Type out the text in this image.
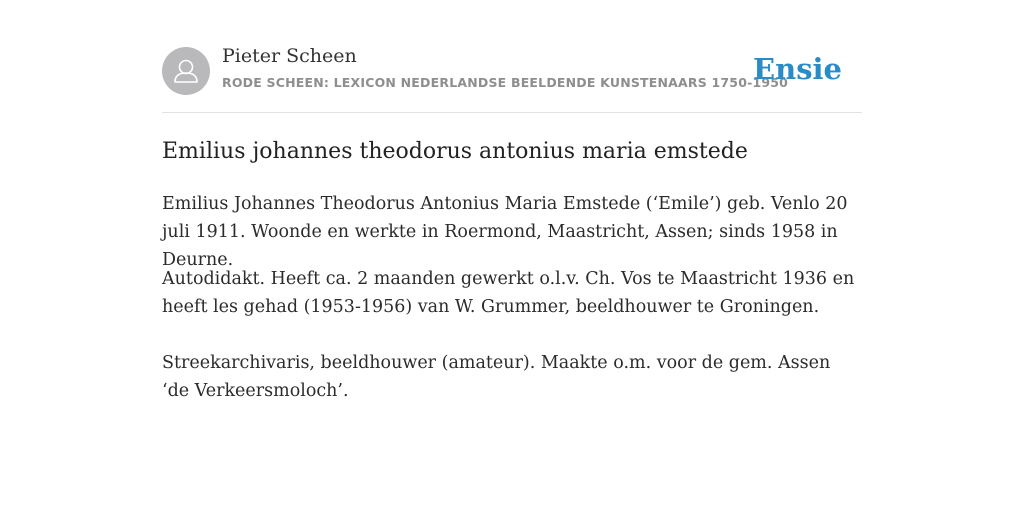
Pieter Scheen
RODE SCHEEN: LEXICON NEDERLANDSE BEELDENDE KUNSTENAARS 1750-1950
Ensie
Emilius johannes theodorus antonius maria emstede

Emilius Johannes Theodorus Antonius Maria Emstede (‘Emile’) geb. Venlo 20 juli 1911. Woonde en werkte in Roermond, Maastricht, Assen; sinds 1958 in Deurne.

Autodidakt. Heeft ca. 2 maanden gewerkt o.l.v. Ch. Vos te Maastricht 1936 en heeft les gehad (1953-1956) van W. Grummer, beeldhouwer te Groningen.

Streekarchivaris, beeldhouwer (amateur). Maakte o.m. voor de gem. Assen ‘de Verkeersmoloch’.
